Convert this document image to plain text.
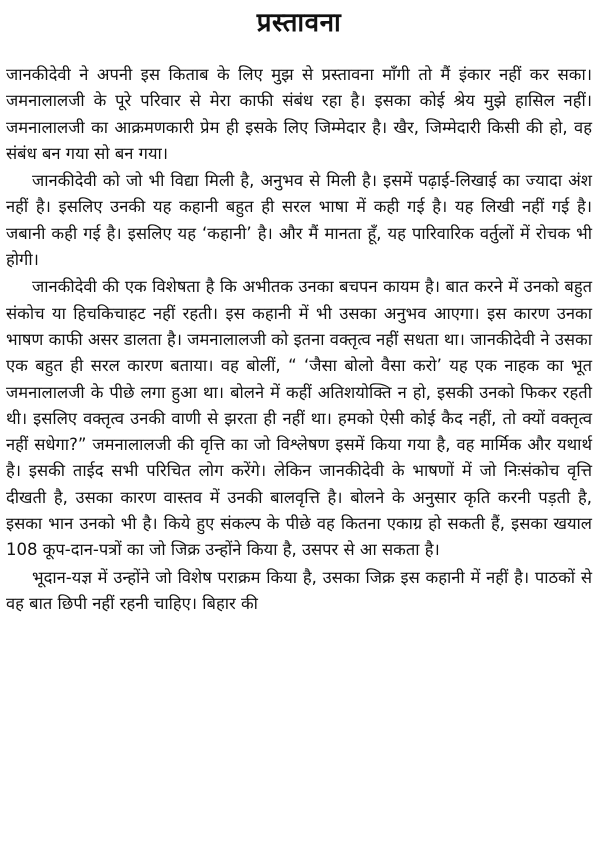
प्रस्तावना

जानकीदेवी ने अपनी इस किताब के लिए मुझ से प्रस्तावना माँगी तो मैं इंकार नहीं कर सका। जमनालालजी के पूरे परिवार से मेरा काफी संबंध रहा है। इसका कोई श्रेय मुझे हासिल नहीं। जमनालालजी का आक्रमणकारी प्रेम ही इसके लिए जिम्मेदार है। खैर, जिम्मेदारी किसी की हो, वह संबंध बन गया सो बन गया।

जानकीदेवी को जो भी विद्या मिली है, अनुभव से मिली है। इसमें पढ़ाई-लिखाई का ज्यादा अंश नहीं है। इसलिए उनकी यह कहानी बहुत ही सरल भाषा में कही गई है। यह लिखी नहीं गई है। जबानी कही गई है। इसलिए यह ‘कहानी’ है। और मैं मानता हूँ, यह पारिवारिक वर्तुलों में रोचक भी होगी।

जानकीदेवी की एक विशेषता है कि अभीतक उनका बचपन कायम है। बात करने में उनको बहुत संकोच या हिचकिचाहट नहीं रहती। इस कहानी में भी उसका अनुभव आएगा। इस कारण उनका भाषण काफी असर डालता है। जमनालालजी को इतना वक्तृत्व नहीं सधता था। जानकीदेवी ने उसका एक बहुत ही सरल कारण बताया। वह बोलीं, “ ‘जैसा बोलो वैसा करो’ यह एक नाहक का भूत जमनालालजी के पीछे लगा हुआ था। बोलने में कहीं अतिशयोक्ति न हो, इसकी उनको फिकर रहती थी। इसलिए वक्तृत्व उनकी वाणी से झरता ही नहीं था। हमको ऐसी कोई कैद नहीं, तो क्यों वक्तृत्व नहीं सधेगा?” जमनालालजी की वृत्ति का जो विश्लेषण इसमें किया गया है, वह मार्मिक और यथार्थ है। इसकी ताईद सभी परिचित लोग करेंगे। लेकिन जानकीदेवी के भाषणों में जो निःसंकोच वृत्ति दीखती है, उसका कारण वास्तव में उनकी बालवृत्ति है। बोलने के अनुसार कृति करनी पड़ती है, इसका भान उनको भी है। किये हुए संकल्प के पीछे वह कितना एकाग्र हो सकती हैं, इसका खयाल 108 कूप-दान-पत्रों का जो जिक्र उन्होंने किया है, उसपर से आ सकता है।

भूदान-यज्ञ में उन्होंने जो विशेष पराक्रम किया है, उसका जिक्र इस कहानी में नहीं है। पाठकों से वह बात छिपी नहीं रहनी चाहिए। बिहार की
